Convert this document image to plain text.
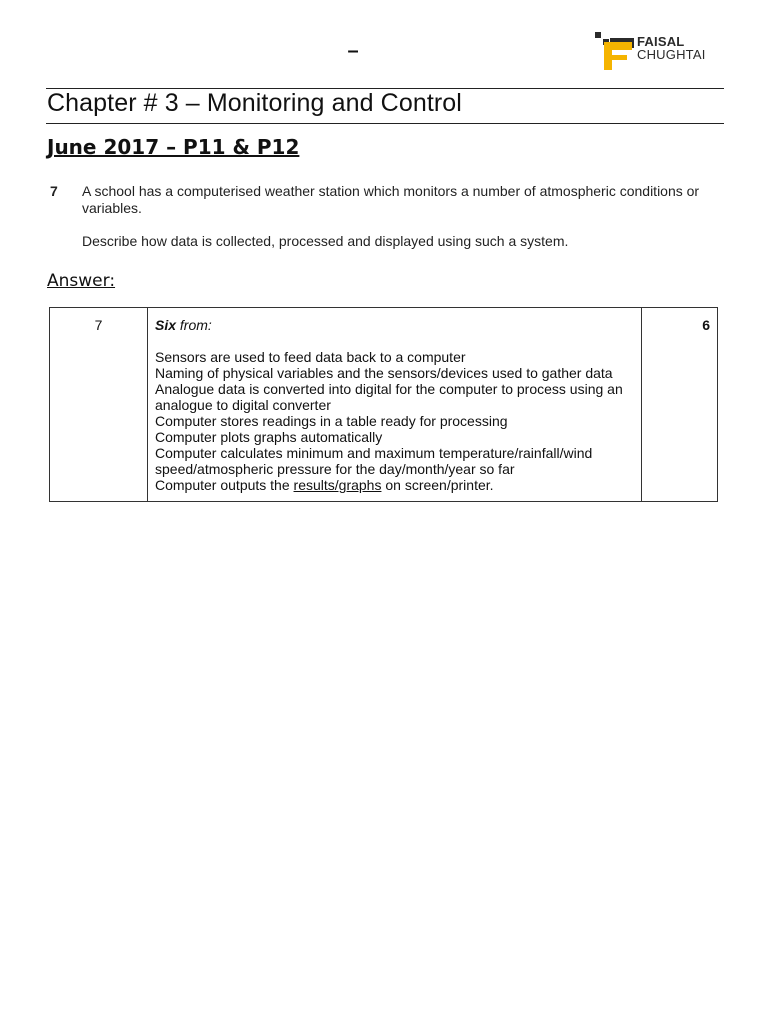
–	FAISAL
CHUGHTAI
Chapter # 3 – Monitoring and Control
June 2017 – P11 & P12
7 A school has a computerised weather station which monitors a number of atmospheric conditions or variables.
Describe how data is collected, processed and displayed using such a system.
Answer:
7	Six from:
Sensors are used to feed data back to a computer
Naming of physical variables and the sensors/devices used to gather data
Analogue data is converted into digital for the computer to process using an analogue to digital converter
Computer stores readings in a table ready for processing
Computer plots graphs automatically
Computer calculates minimum and maximum temperature/rainfall/wind speed/atmospheric pressure for the day/month/year so far
Computer outputs the results/graphs on screen/printer.
	6
